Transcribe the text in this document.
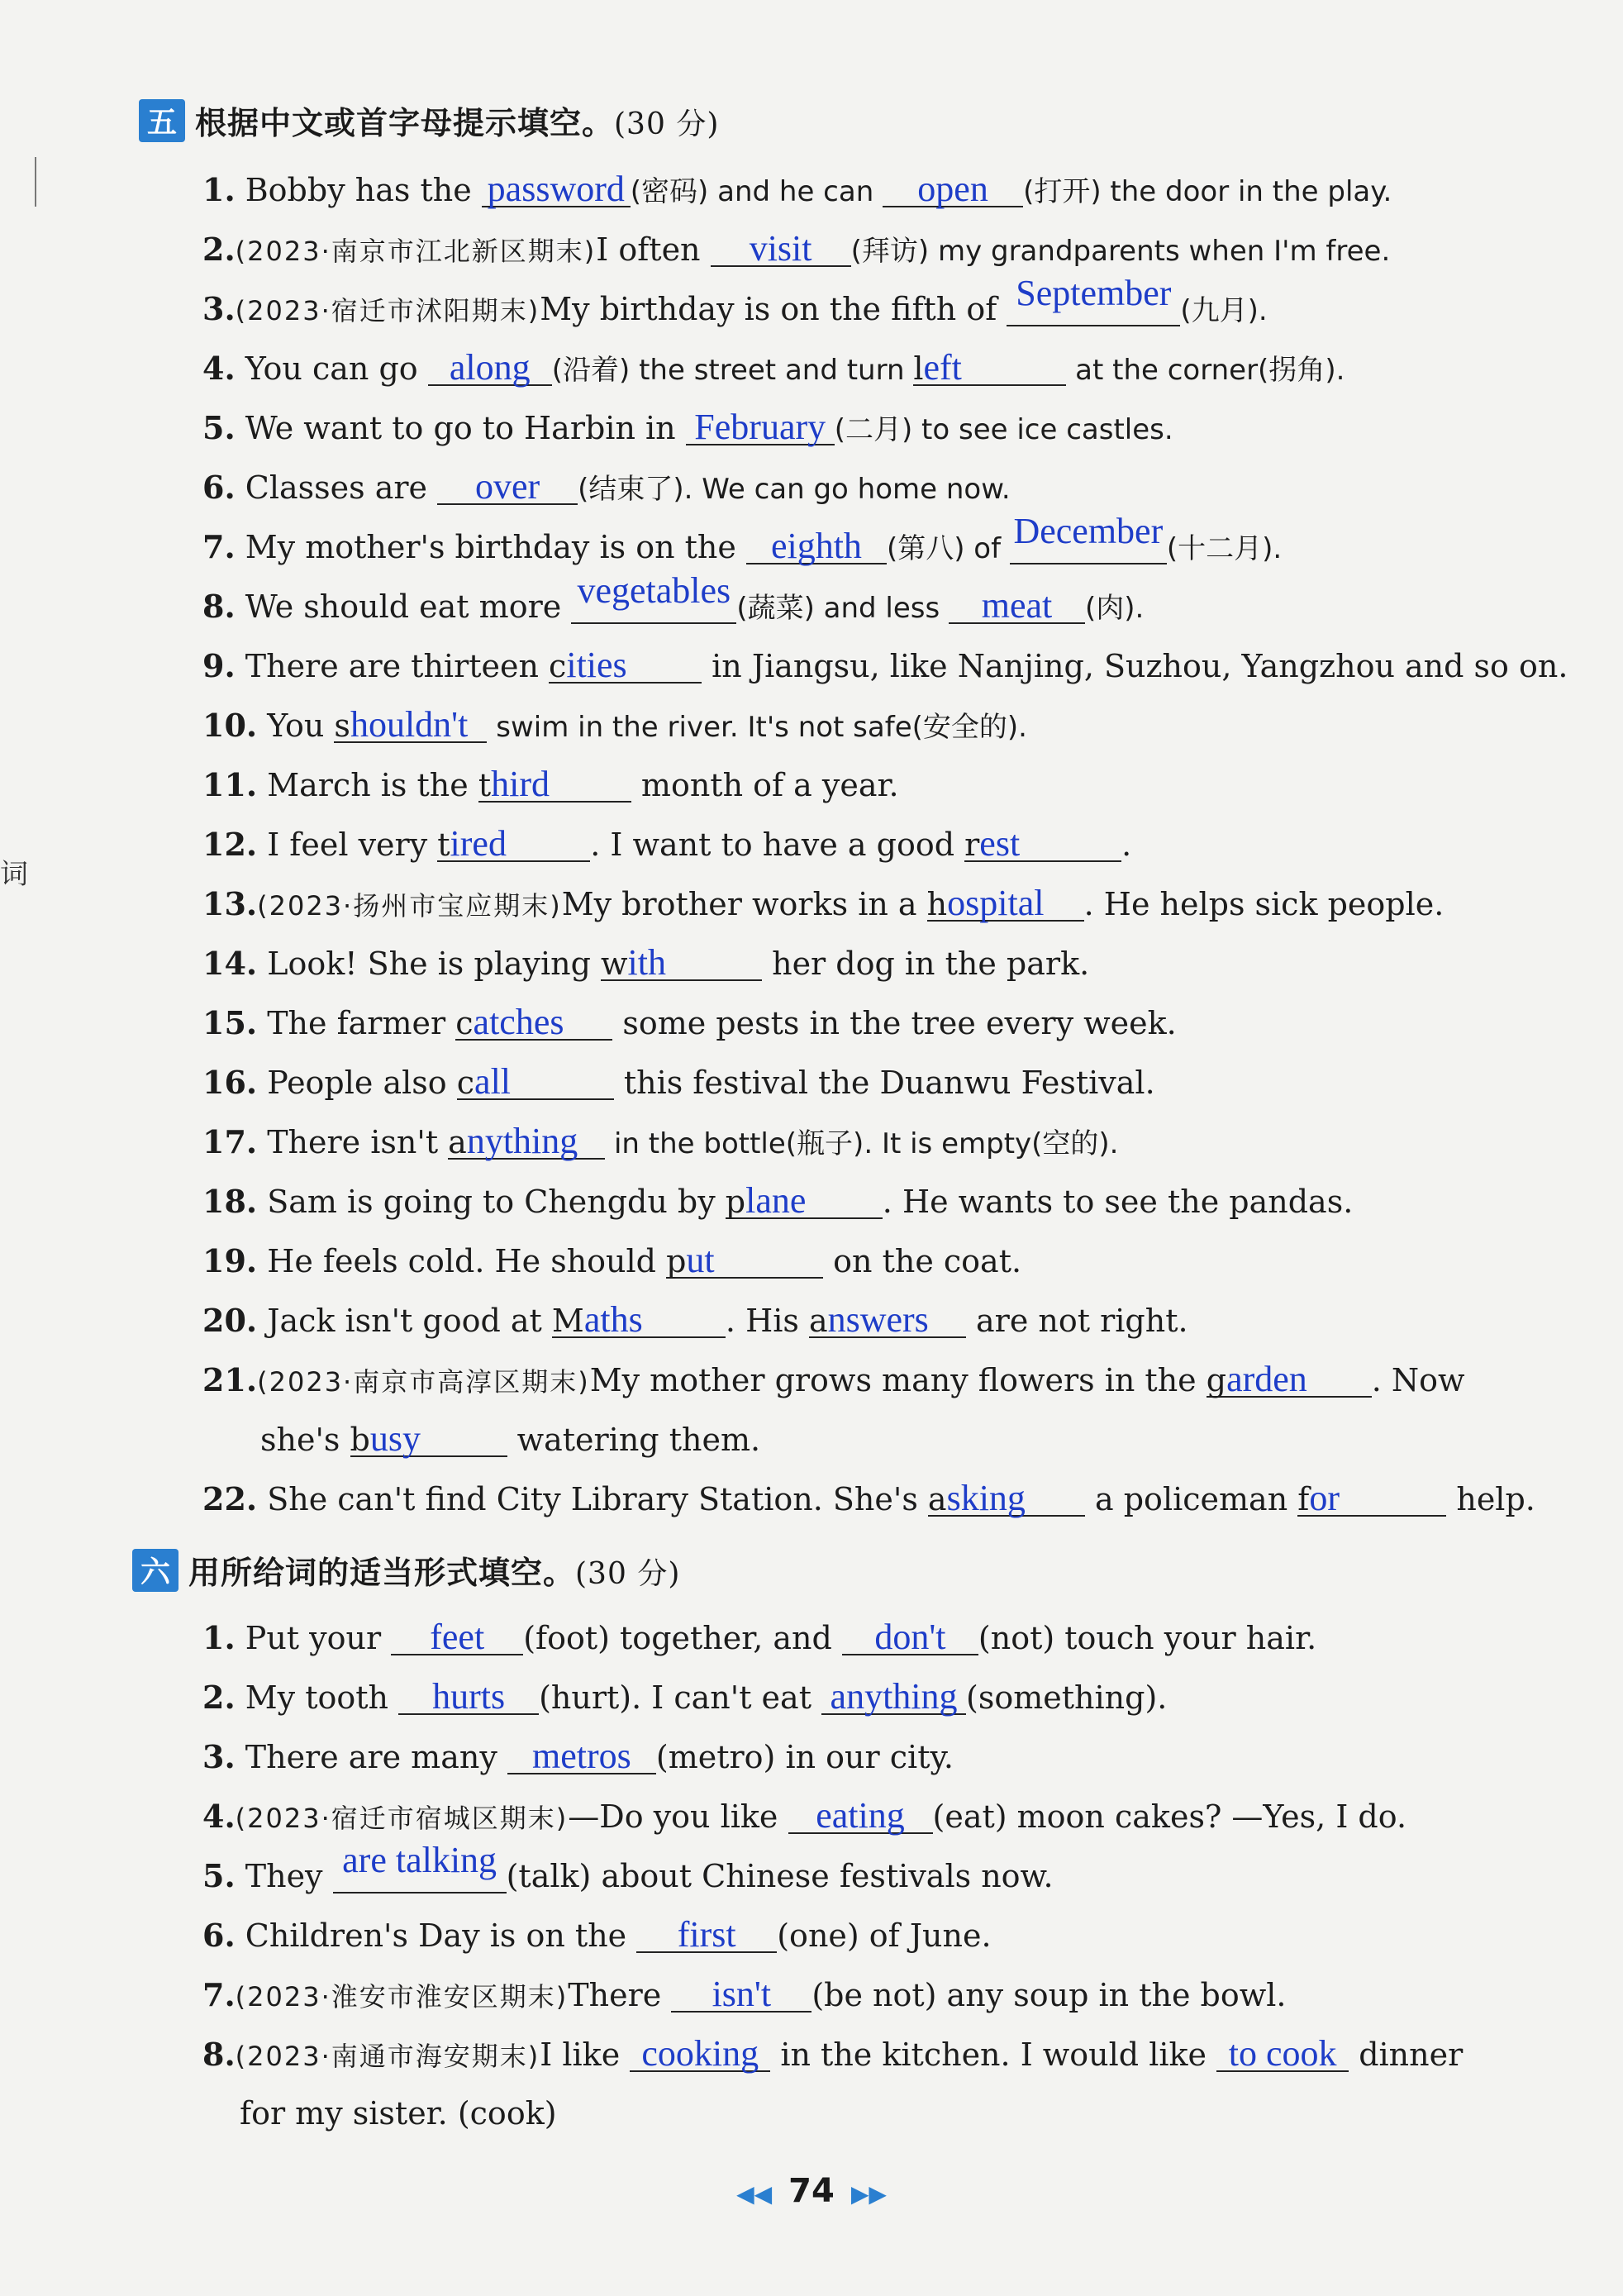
词
五 根据中文或首字母提示填空。(30 分)
1. Bobby has the password (密码) and he can open (打开) the door in the play.
2.(2023·南京市江北新区期末)I often visit (拜访) my grandparents when I'm free.
3.(2023·宿迁市沭阳期末)My birthday is on the fifth of September (九月).
4. You can go along (沿着) the street and turn left	at the corner(拐角).
5. We want to go to Harbin in February (二月) to see ice castles.
6. Classes are over (结束了). We can go home now.
7. My mother's birthday is on the eighth (第八) of December (十二月).
8. We should eat more vegetables (蔬菜) and less meat (肉).
9. There are thirteen cities in Jiangsu, like Nanjing, Suzhou, Yangzhou and so on.
10. You shouldn't swim in the river. It's not safe(安全的).
11. March is the third	month of a year.
12. I feel very tired	. I want to have a good rest	.
13.(2023·扬州市宝应期末)My brother works in a hospital . He helps sick people.
14. Look! She is playing with	her dog in the park.
15. The farmer catches some pests in the tree every week.
16. People also call	this festival the Duanwu Festival.
17. There isn't anything in the bottle(瓶子). It is empty(空的).
18. Sam is going to Chengdu by plane . He wants to see the pandas.
19. He feels cold. He should put	on the coat.
20. Jack isn't good at Maths	. His answers are not right.
21.(2023·南京市高淳区期末)My mother grows many flowers in the garden . Now
she's busy	watering them.
22. She can't find City Library Station. She's asking a policeman for	help.
六 用所给词的适当形式填空。(30 分)
1. Put your feet (foot) together, and don't (not) touch your hair.
2. My tooth hurts (hurt). I can't eat anything (something).
3. There are many metros (metro) in our city.
4.(2023·宿迁市宿城区期末)—Do you like eating (eat) moon cakes? —Yes, I do.
5. They are talking (talk) about Chinese festivals now.
6. Children's Day is on the first (one) of June.
7.(2023·淮安市淮安区期末)There isn't (be not) any soup in the bowl.
8.(2023·南通市海安期末)I like cooking in the kitchen. I would like to cook dinner
for my sister. (cook)
◀◀ 74 ▶▶
